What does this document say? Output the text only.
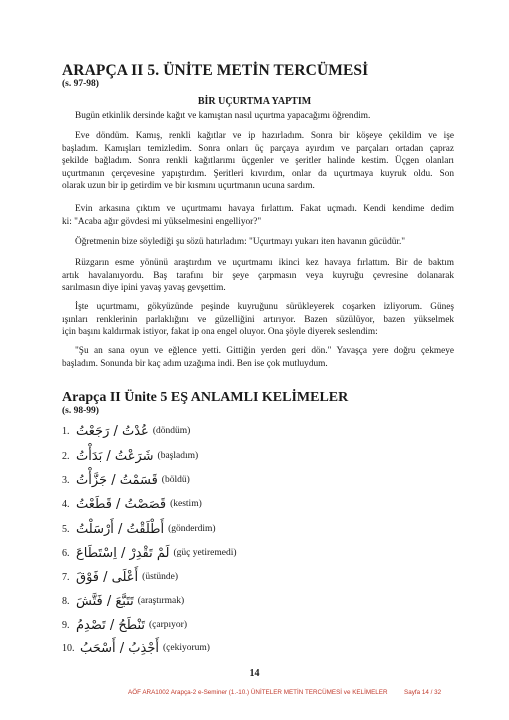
ARAPÇA II 5. ÜNİTE METİN TERCÜMESİ
(s. 97-98)
BİR UÇURTMA YAPTIM

Bugün etkinlik dersinde kağıt ve kamıştan nasıl uçurtma yapacağımı öğrendim.

Eve döndüm. Kamış, renkli kağıtlar ve ip hazırladım. Sonra bir köşeye çekildim ve işe
başladım. Kamışları temizledim. Sonra onları üç parçaya ayırdım ve parçaları ortadan çapraz
şekilde bağladım. Sonra renkli kağıtlarımı üçgenler ve şeritler halinde kestim. Üçgen olanları
uçurtmanın çerçevesine yapıştırdım. Şeritleri kıvırdım, onlar da uçurtmaya kuyruk oldu. Son
olarak uzun bir ip getirdim ve bir kısmını uçurtmanın ucuna sardım.

Evin arkasına çıktım ve uçurtmamı havaya fırlattım. Fakat uçmadı. Kendi kendime dedim
ki: "Acaba ağır gövdesi mi yükselmesini engelliyor?"

Öğretmenin bize söylediği şu sözü hatırladım: "Uçurtmayı yukarı iten havanın gücüdür."

Rüzgarın esme yönünü araştırdım ve uçurtmamı ikinci kez havaya fırlattım. Bir de baktım
artık havalanıyordu. Baş tarafını bir şeye çarpmasın veya kuyruğu çevresine dolanarak
sarılmasın diye ipini yavaş yavaş gevşettim.

İşte uçurtmamı, gökyüzünde peşinde kuyruğunu sürükleyerek coşarken izliyorum. Güneş
ışınları renklerinin parlaklığını ve güzelliğini artırıyor. Bazen süzülüyor, bazen yükselmek
için başını kaldırmak istiyor, fakat ip ona engel oluyor. Ona şöyle diyerek seslendim:

"Şu an sana oyun ve eğlence yetti. Gittiğin yerden geri dön." Yavaşça yere doğru çekmeye
başladım. Sonunda bir kaç adım uzağıma indi. Ben ise çok mutluydum.

Arapça II Ünite 5 EŞ ANLAMLI KELİMELER
(s. 98-99)
1. عُدْتُ / رَجَعْتُ (döndüm)
2. شَرَعْتُ / بَدَأْتُ (başladım)
3. قَسَمْتُ / جَزَّأْتُ (böldü)
4. قَصَصْتُ / قَطَعْتُ (kestim)
5. أَطْلَقْتُ / أَرْسَلْتُ (gönderdim)
6. لَمْ تَقْدِرْ / اِسْتَطَاعَ (güç yetiremedi)
7. أَعْلَى / فَوْقَ (üstünde)
8. تَتَبَّعَ / فَتَّشَ (araştırmak)
9. تَنْطَحُ / تَصْدِمُ (çarpıyor)
10. أَجْذِبُ / أَسْحَبُ (çekiyorum)
14
AÖF ARA1002 Arapça-2 e-Seminer (1.-10.) ÜNİTELER METİN TERCÜMESİ ve KELİMELER	Sayfa 14 / 32
